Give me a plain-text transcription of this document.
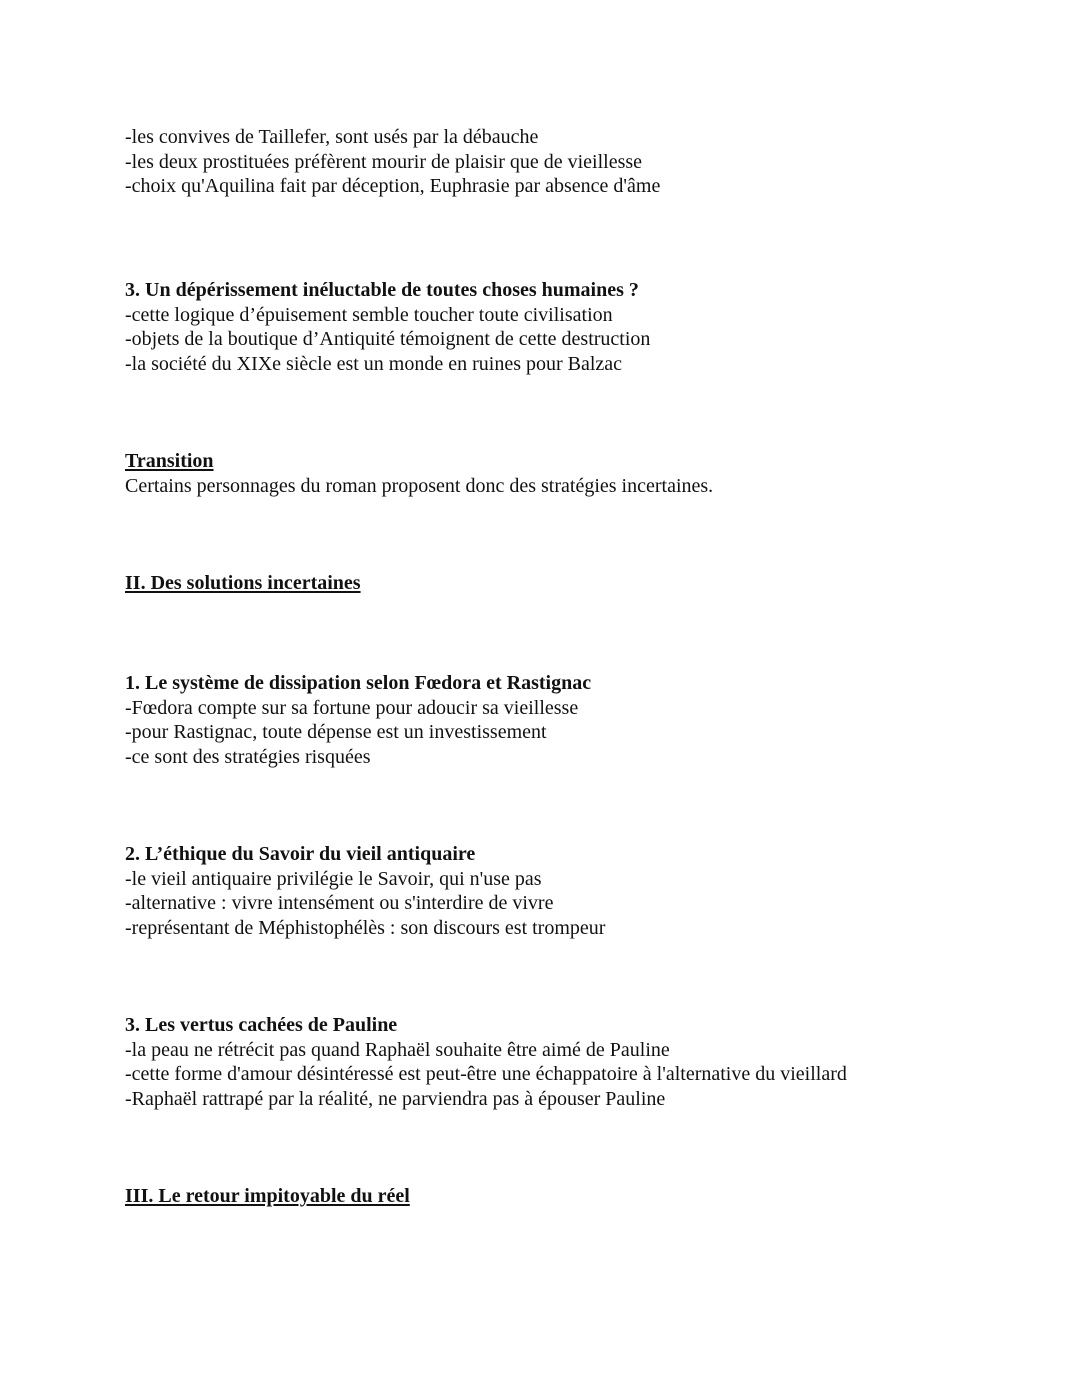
-les convives de Taillefer, sont usés par la débauche
-les deux prostituées préfèrent mourir de plaisir que de vieillesse
-choix qu'Aquilina fait par déception, Euphrasie par absence d'âme
3. Un dépérissement inéluctable de toutes choses humaines ?
-cette logique d’épuisement semble toucher toute civilisation
-objets de la boutique d’Antiquité témoignent de cette destruction
-la société du XIXe siècle est un monde en ruines pour Balzac
Transition
Certains personnages du roman proposent donc des stratégies incertaines.
II. Des solutions incertaines
1. Le système de dissipation selon Fœdora et Rastignac
-Fœdora compte sur sa fortune pour adoucir sa vieillesse
-pour Rastignac, toute dépense est un investissement
-ce sont des stratégies risquées
2. L’éthique du Savoir du vieil antiquaire
-le vieil antiquaire privilégie le Savoir, qui n'use pas
-alternative : vivre intensément ou s'interdire de vivre
-représentant de Méphistophélès : son discours est trompeur
3. Les vertus cachées de Pauline
-la peau ne rétrécit pas quand Raphaël souhaite être aimé de Pauline
-cette forme d'amour désintéressé est peut-être une échappatoire à l'alternative du vieillard
-Raphaël rattrapé par la réalité, ne parviendra pas à épouser Pauline
III. Le retour impitoyable du réel
